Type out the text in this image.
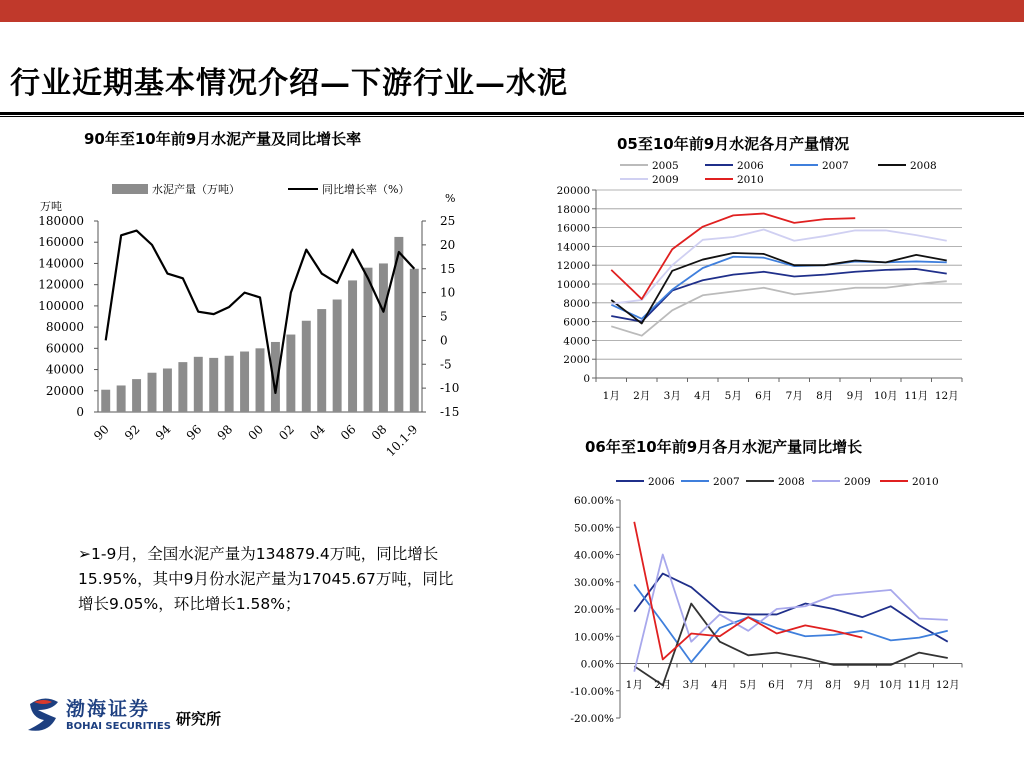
行业近期基本情况介绍—下游行业—水泥
90年至10年前9月水泥产量及同比增长率
水泥产量（万吨）	同比增长率（%）
万吨
%
0
20000
40000
60000
80000
100000
120000
140000
160000
180000
-15
-10
-5
0
5
10
15
20
25
90 92 94 96 98 00 02 04 06 08
10.1-9
05至10年前9月水泥各月产量情况
2005	2006	2007	2008
2009	2010
0
2000
4000
6000
8000
10000
12000
14000
16000
18000
20000
1月 2月 3月 4月 5月 6月 7月 8月 9月 10月 11月 12月
06年至10年前9月各月水泥产量同比增长
2006	2007	2008	2009	2010
-20.00%
-10.00%
0.00%
10.00%
20.00%
30.00%
40.00%
50.00%
60.00%
1月 2月 3月 4月 5月 6月 7月 8月 9月 10月 11月 12月
➢1-9月，全国水泥产量为134879.4万吨，同比增长15.95%，其中9月份水泥产量为17045.67万吨，同比增长9.05%，环比增长1.58%；
渤海证券
BOHAI SECURITIES 研究所
